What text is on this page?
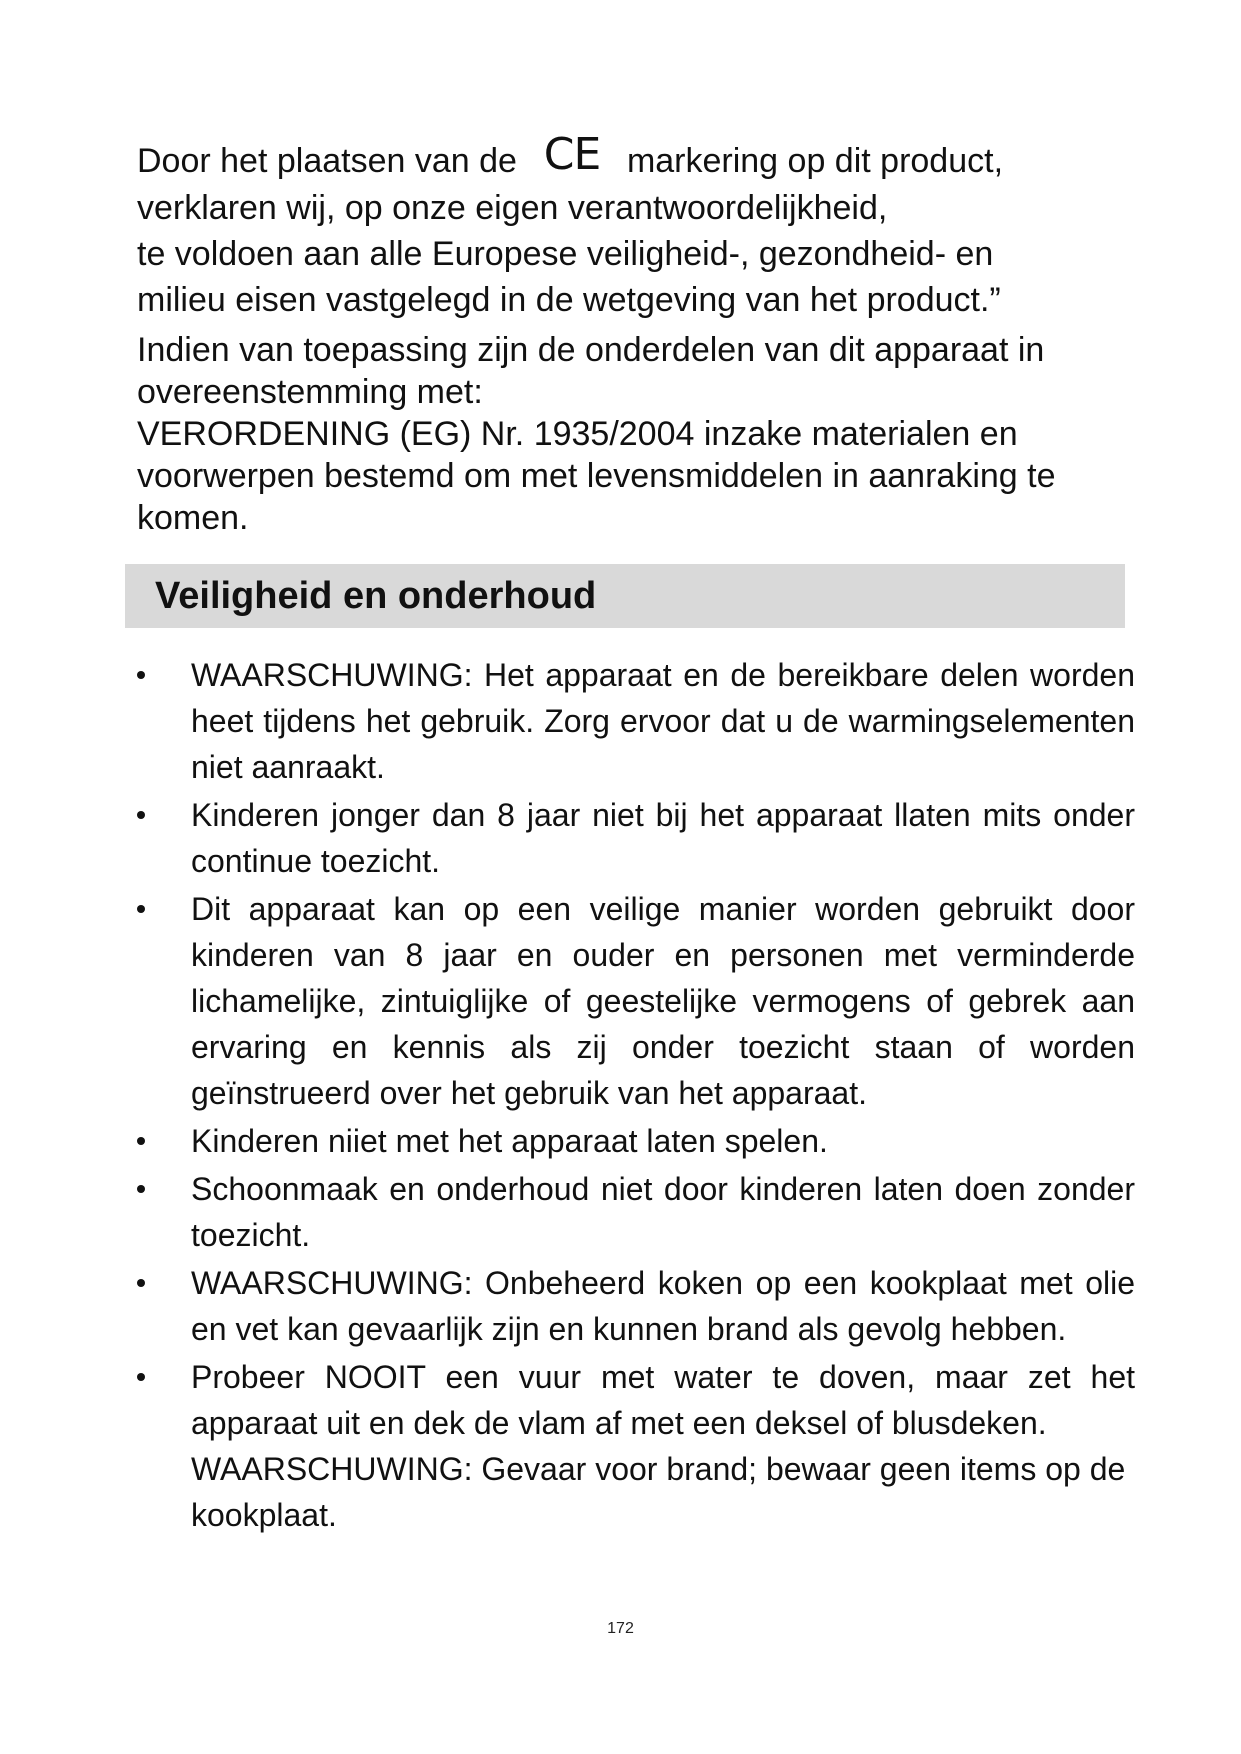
Door het plaatsen van de CE markering op dit product,

verklaren wij, op onze eigen verantwoordelijkheid,

te voldoen aan alle Europese veiligheid-, gezondheid- en

milieu eisen vastgelegd in de wetgeving van het product.”

Indien van toepassing zijn de onderdelen van dit apparaat in overeenstemming met:

VERORDENING (EG) Nr. 1935/2004 inzake materialen en voorwerpen bestemd om met levensmiddelen in aanraking te komen.

Veiligheid en onderhoud
WAARSCHUWING: Het apparaat en de bereikbare delen worden heet tijdens het gebruik. Zorg ervoor dat u de warmingselementen niet aanraakt.
Kinderen jonger dan 8 jaar niet bij het apparaat llaten mits onder continue toezicht.
Dit apparaat kan op een veilige manier worden gebruikt door kinderen van 8 jaar en ouder en personen met verminderde lichamelijke, zintuiglijke of geestelijke vermogens of gebrek aan ervaring en kennis als zij onder toezicht staan of worden geïnstrueerd over het gebruik van het apparaat.
Kinderen niiet met het apparaat laten spelen.
Schoonmaak en onderhoud niet door kinderen laten doen zonder toezicht.
WAARSCHUWING: Onbeheerd koken op een kookplaat met olie en vet kan gevaarlijk zijn en kunnen brand als gevolg hebben.

Probeer NOOIT een vuur met water te doven, maar zet het apparaat uit en dek de vlam af met een deksel of blusdeken.

WAARSCHUWING: Gevaar voor brand; bewaar geen items op de kookplaat.

172
